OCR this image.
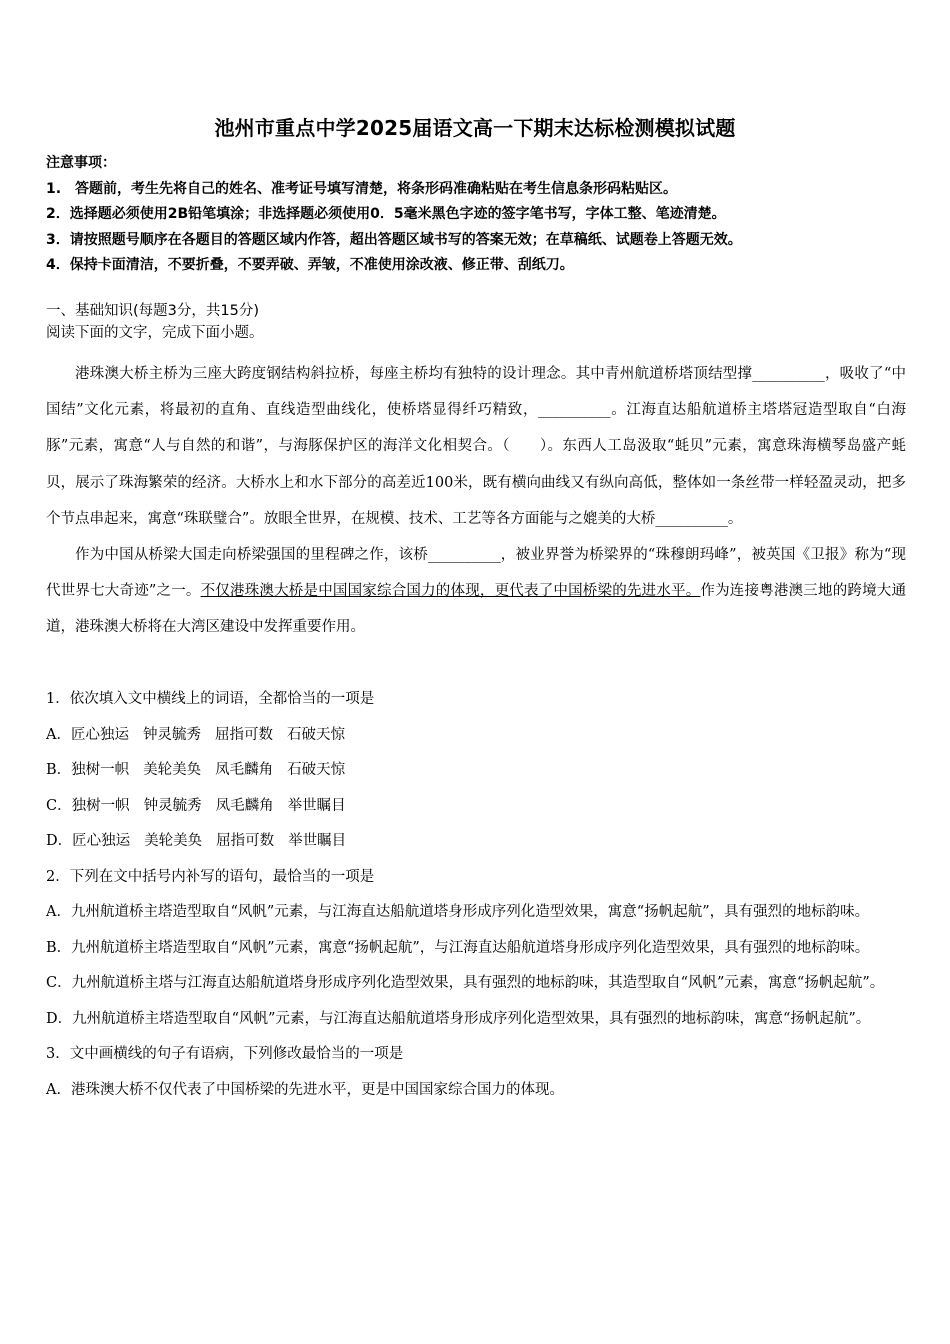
池州市重点中学2025届语文高一下期末达标检测模拟试题
注意事项：
1.　答题前，考生先将自己的姓名、准考证号填写清楚，将条形码准确粘贴在考生信息条形码粘贴区。
2．选择题必须使用2B铅笔填涂；非选择题必须使用0．5毫米黑色字迹的签字笔书写，字体工整、笔迹清楚。
3．请按照题号顺序在各题目的答题区域内作答，超出答题区域书写的答案无效；在草稿纸、试题卷上答题无效。
4．保持卡面清洁，不要折叠，不要弄破、弄皱，不准使用涂改液、修正带、刮纸刀。
一、基础知识(每题3分，共15分)
阅读下面的文字，完成下面小题。

港珠澳大桥主桥为三座大跨度钢结构斜拉桥，每座主桥均有独特的设计理念。其中青州航道桥塔顶结型撑__________，吸收了“中国结”文化元素，将最初的直角、直线造型曲线化，使桥塔显得纤巧精致，__________。江海直达船航道桥主塔塔冠造型取自“白海豚”元素，寓意“人与自然的和谐”，与海豚保护区的海洋文化相契合。（　　）。东西人工岛汲取“蚝贝”元素，寓意珠海横琴岛盛产蚝贝，展示了珠海繁荣的经济。大桥水上和水下部分的高差近100米，既有横向曲线又有纵向高低，整体如一条丝带一样轻盈灵动，把多个节点串起来，寓意“珠联璧合”。放眼全世界，在规模、技术、工艺等各方面能与之媲美的大桥__________。

作为中国从桥梁大国走向桥梁强国的里程碑之作，该桥__________，被业界誉为桥梁界的“珠穆朗玛峰”，被英国《卫报》称为“现代世界七大奇迹”之一。不仅港珠澳大桥是中国国家综合国力的体现，更代表了中国桥梁的先进水平。作为连接粤港澳三地的跨境大通道，港珠澳大桥将在大湾区建设中发挥重要作用。

1．依次填入文中横线上的词语，全都恰当的一项是
A．匠心独运 钟灵毓秀 屈指可数 石破天惊
B．独树一帜 美轮美奂 凤毛麟角 石破天惊
C．独树一帜 钟灵毓秀 凤毛麟角 举世瞩目
D．匠心独运 美轮美奂 屈指可数 举世瞩目
2．下列在文中括号内补写的语句，最恰当的一项是
A．九州航道桥主塔造型取自“风帆”元素，与江海直达船航道塔身形成序列化造型效果，寓意“扬帆起航”，具有强烈的地标韵味。
B．九州航道桥主塔造型取自“风帆”元素，寓意“扬帆起航”，与江海直达船航道塔身形成序列化造型效果，具有强烈的地标韵味。
C．九州航道桥主塔与江海直达船航道塔身形成序列化造型效果，具有强烈的地标韵味，其造型取自“风帆”元素，寓意“扬帆起航”。
D．九州航道桥主塔造型取自“风帆”元素，与江海直达船航道塔身形成序列化造型效果，具有强烈的地标韵味，寓意“扬帆起航”。
3．文中画横线的句子有语病，下列修改最恰当的一项是
A．港珠澳大桥不仅代表了中国桥梁的先进水平，更是中国国家综合国力的体现。
